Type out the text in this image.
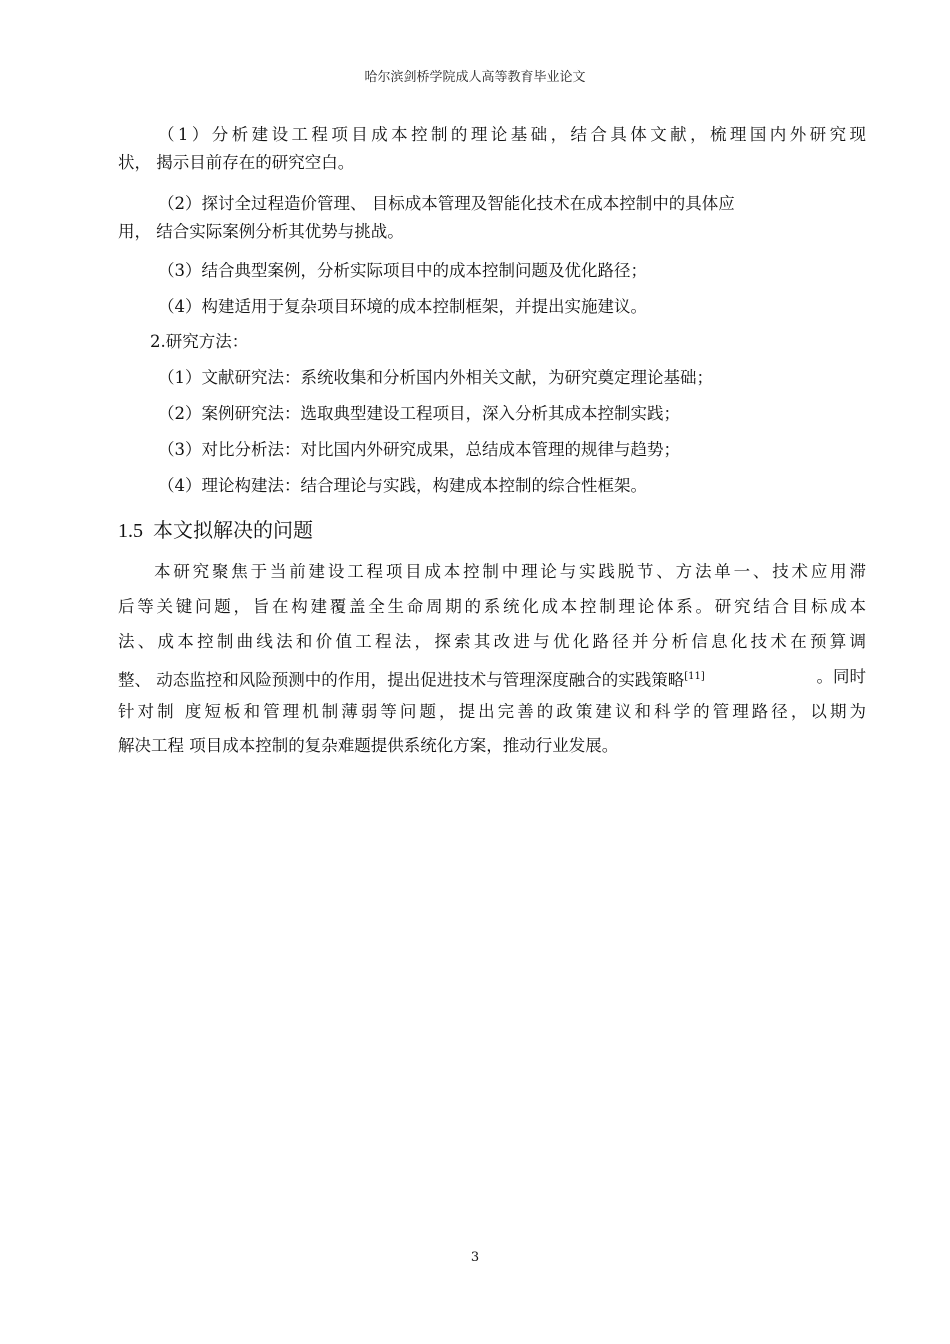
哈尔滨剑桥学院成人高等教育毕业论文
（1）分析建设工程项目成本控制的理论基础，结合具体文献，梳理国内外研究现
状， 揭示目前存在的研究空白。
（2）探讨全过程造价管理、 目标成本管理及智能化技术在成本控制中的具体应
用， 结合实际案例分析其优势与挑战。
（3）结合典型案例，分析实际项目中的成本控制问题及优化路径；
（4）构建适用于复杂项目环境的成本控制框架，并提出实施建议。
2.研究方法：
（1）文献研究法：系统收集和分析国内外相关文献，为研究奠定理论基础；
（2）案例研究法：选取典型建设工程项目，深入分析其成本控制实践；
（3）对比分析法：对比国内外研究成果，总结成本管理的规律与趋势；
（4）理论构建法：结合理论与实践，构建成本控制的综合性框架。
1.5 本文拟解决的问题
本研究聚焦于当前建设工程项目成本控制中理论与实践脱节、方法单一、技术应用滞
后等关键问题，旨在构建覆盖全生命周期的系统化成本控制理论体系。研究结合目标成本
法、成本控制曲线法和价值工程法，探索其改进与优化路径并分析信息化技术在预算调
整、 动态监控和风险预测中的作用，提出促进技术与管理深度融合的实践策略[11]	。同时
针对制 度短板和管理机制薄弱等问题，提出完善的政策建议和科学的管理路径，以期为
解决工程 项目成本控制的复杂难题提供系统化方案，推动行业发展。
3
